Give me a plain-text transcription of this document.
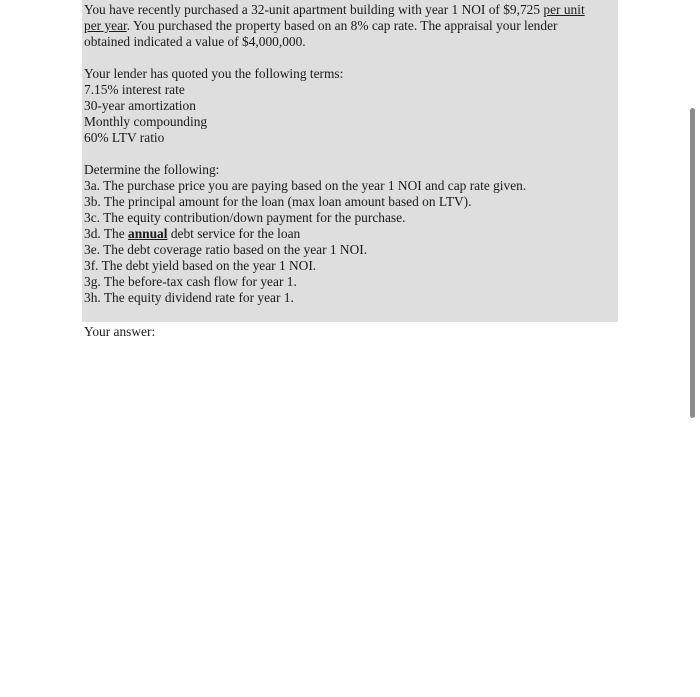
You have recently purchased a 32-unit apartment building with year 1 NOI of $9,725 per unit
per year. You purchased the property based on an 8% cap rate. The appraisal your lender
obtained indicated a value of $4,000,000.

Your lender has quoted you the following terms:
7.15% interest rate
30-year amortization
Monthly compounding
60% LTV ratio

Determine the following:
3a. The purchase price you are paying based on the year 1 NOI and cap rate given.
3b. The principal amount for the loan (max loan amount based on LTV).
3c. The equity contribution/down payment for the purchase.
3d. The annual debt service for the loan
3e. The debt coverage ratio based on the year 1 NOI.
3f. The debt yield based on the year 1 NOI.
3g. The before-tax cash flow for year 1.
3h. The equity dividend rate for year 1.

Your answer:
